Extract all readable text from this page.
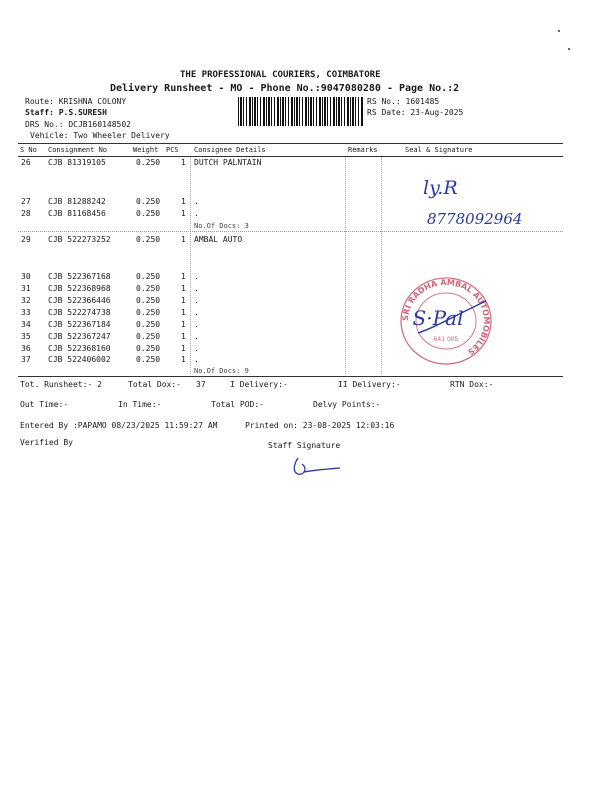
THE PROFESSIONAL COURIERS, COIMBATORE
Delivery Runsheet - MO - Phone No.:9047080280 - Page No.:2
Route: KRISHNA COLONY
Staff: P.S.SURESH
DRS No.: DCJB160148502
Vehicle: Two Wheeler Delivery
RS No.: 1601485
RS Date: 23-Aug-2025
S No Consignment No	Weight PCS Consignee Details	Remarks	Seal & Signature
26 CJB 81319105	0.250	1 DUTCH PALNTAIN
27 CJB 81288242	0.250	1 .
28 CJB 81168456	0.250	1 .
No.Of Docs: 3
29 CJB 522273252	0.250	1 AMBAL AUTO
30 CJB 522367168	0.250	1 .
31 CJB 522368968	0.250	1 .
32 CJB 522366446	0.250	1 .
33 CJB 522274738	0.250	1 .
34 CJB 522367184	0.250	1 .
35 CJB 522367247	0.250	1 .
36 CJB 522368160	0.250	1 .
37 CJB 522406002	0.250	1 .
No.Of Docs: 9
ly.R
8778092964
SRI RADHA AMBAL AUTOMOBILES
641 005
S·Pal
Tot. Runsheet:- 2	Total Dox:- 37	I Delivery:-	II Delivery:-	RTN Dox:-
Out Time:-	In Time:-	Total POD:-	Delvy Points:-
Entered By :PAPAMO 08/23/2025 11:59:27 AM	Printed on: 23-08-2025 12:03:16
Verified By	Staff Signature
